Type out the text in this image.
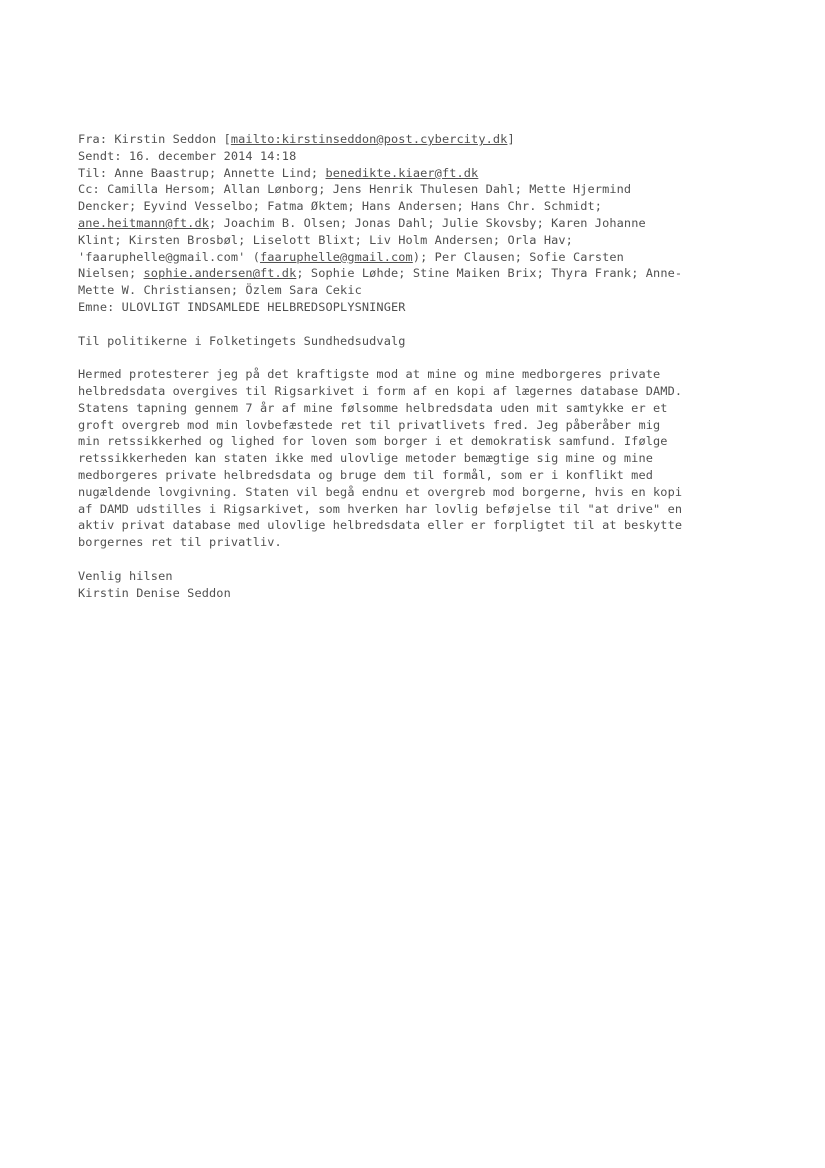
Fra: Kirstin Seddon [mailto:kirstinseddon@post.cybercity.dk]
Sendt: 16. december 2014 14:18
Til: Anne Baastrup; Annette Lind; benedikte.kiaer@ft.dk
Cc: Camilla Hersom; Allan Lønborg; Jens Henrik Thulesen Dahl; Mette Hjermind
Dencker; Eyvind Vesselbo; Fatma Øktem; Hans Andersen; Hans Chr. Schmidt;
ane.heitmann@ft.dk; Joachim B. Olsen; Jonas Dahl; Julie Skovsby; Karen Johanne
Klint; Kirsten Brosbøl; Liselott Blixt; Liv Holm Andersen; Orla Hav;
'faaruphelle@gmail.com' (faaruphelle@gmail.com); Per Clausen; Sofie Carsten
Nielsen; sophie.andersen@ft.dk; Sophie Løhde; Stine Maiken Brix; Thyra Frank; Anne-
Mette W. Christiansen; Özlem Sara Cekic
Emne: ULOVLIGT INDSAMLEDE HELBREDSOPLYSNINGER
Til politikerne i Folketingets Sundhedsudvalg
Hermed protesterer jeg på det kraftigste mod at mine og mine medborgeres private
helbredsdata overgives til Rigsarkivet i form af en kopi af lægernes database DAMD.
Statens tapning gennem 7 år af mine følsomme helbredsdata uden mit samtykke er et
groft overgreb mod min lovbefæstede ret til privatlivets fred. Jeg påberåber mig
min retssikkerhed og lighed for loven som borger i et demokratisk samfund. Ifølge
retssikkerheden kan staten ikke med ulovlige metoder bemægtige sig mine og mine
medborgeres private helbredsdata og bruge dem til formål, som er i konflikt med
nugældende lovgivning. Staten vil begå endnu et overgreb mod borgerne, hvis en kopi
af DAMD udstilles i Rigsarkivet, som hverken har lovlig beføjelse til "at drive" en
aktiv privat database med ulovlige helbredsdata eller er forpligtet til at beskytte
borgernes ret til privatliv.
Venlig hilsen
Kirstin Denise Seddon
